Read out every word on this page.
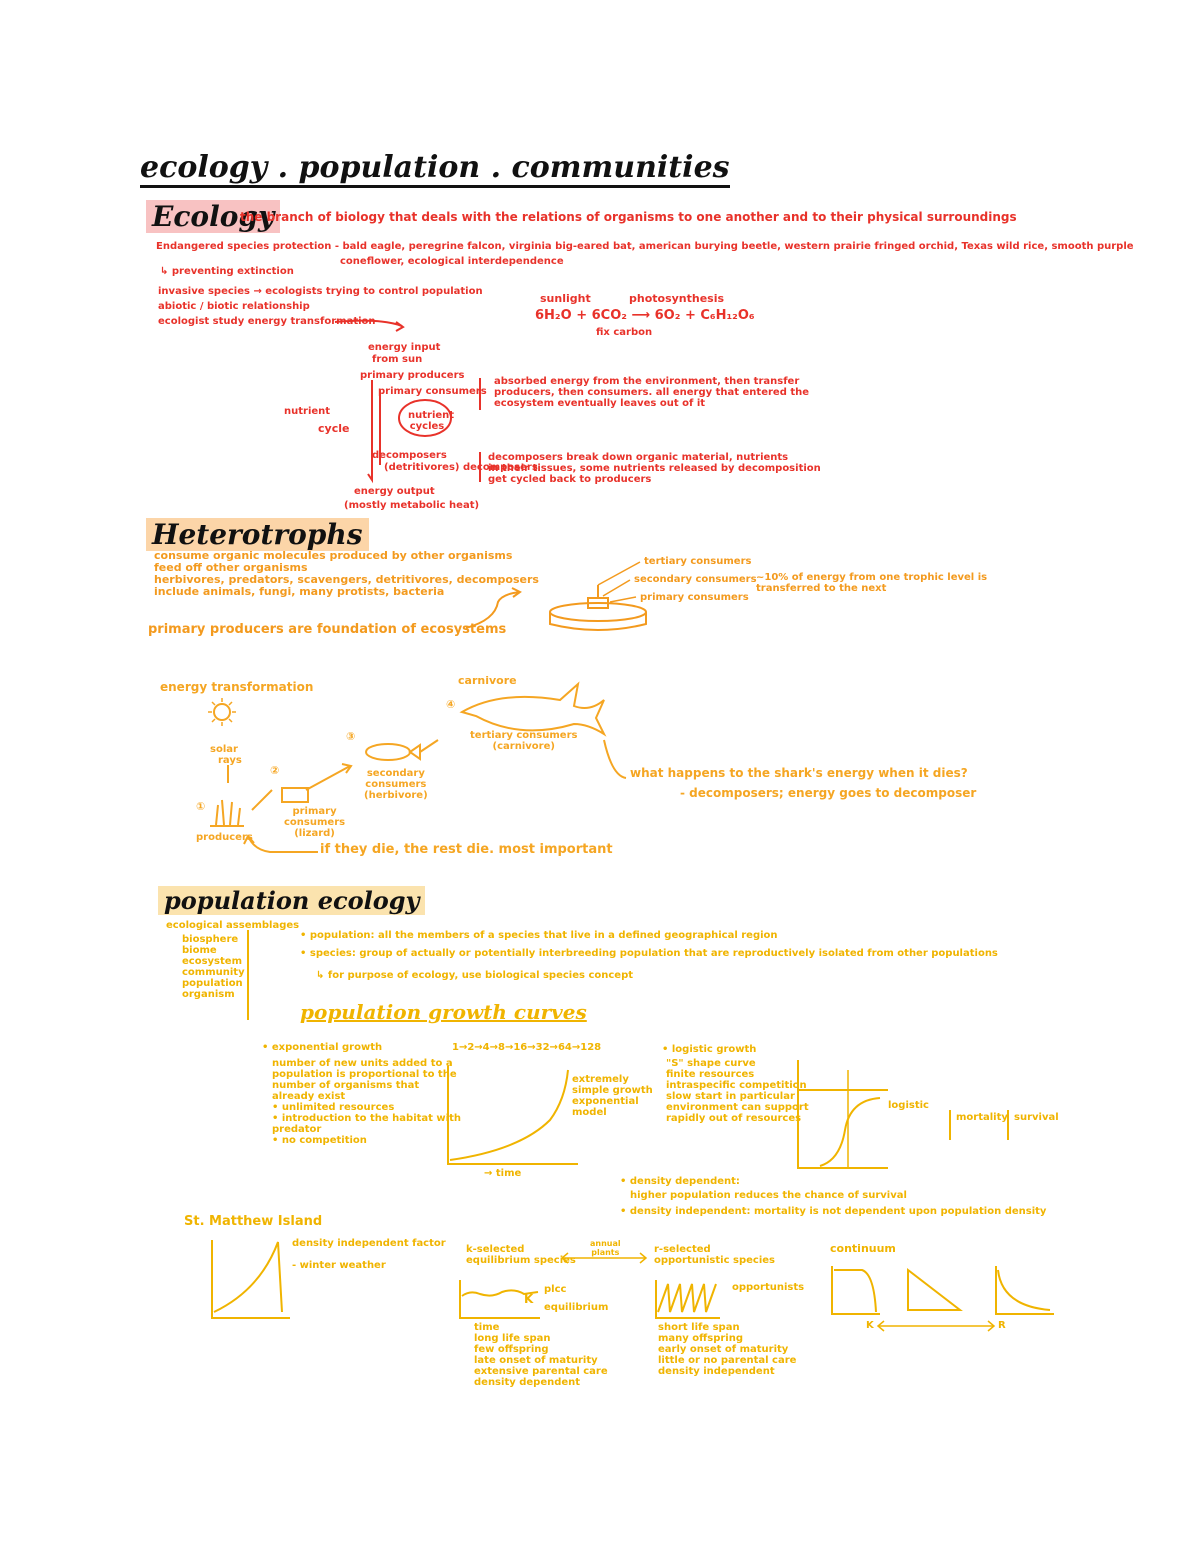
ecology . population . communities
Ecology
the branch of biology that deals with the relations of organisms to one another and to their physical surroundings
Endangered species protection - bald eagle, peregrine falcon, virginia big-eared bat, american burying beetle, western prairie fringed orchid, Texas wild rice, smooth purple
coneflower, ecological interdependence
↳ preventing extinction
invasive species → ecologists trying to control population
abiotic / biotic relationship
ecologist study energy transformation
sunlight          photosynthesis
6H₂O + 6CO₂ ⟶ 6O₂ + C₆H₁₂O₆
fix carbon
energy input
from sun
primary producers
primary consumers
nutrient
cycle
nutrient cycles
decomposers
(detritivores) decomposers
energy output
(mostly metabolic heat)
absorbed energy from the environment, then transfer
producers, then consumers. all energy that entered the
ecosystem eventually leaves out of it
decomposers break down organic material, nutrients
in their tissues, some nutrients released by decomposition
get cycled back to producers
Heterotrophs
consume organic molecules produced by other organisms
feed off other organisms
herbivores, predators, scavengers, detritivores, decomposers
include animals, fungi, many protists, bacteria
primary producers are foundation of ecosystems
tertiary consumers
secondary consumers
primary consumers
~10% of energy from one trophic level is
transferred to the next
energy transformation
solar
rays
①
producers
②
primary
consumers
(lizard)
③
secondary
consumers
(herbivore)
④
carnivore
tertiary consumers
(carnivore)
what happens to the shark's energy when it dies?
- decomposers; energy goes to decomposer
if they die, the rest die. most important
population ecology
ecological assemblages
biosphere
biome
ecosystem
community
population
organism
• population: all the members of a species that live in a defined geographical region
• species: group of actually or potentially interbreeding population that are reproductively isolated from other populations
↳ for purpose of ecology, use biological species concept
population growth curves
• exponential growth
number of new units added to a
population is proportional to the
number of organisms that
already exist
• unlimited resources
• introduction to the habitat with
predator
• no competition
1→2→4→8→16→32→64→128
→ time
extremely
simple growth
exponential
model
• logistic growth
"S" shape curve
finite resources
intraspecific competition
slow start in particular
environment can support
rapidly out of resources
logistic
mortality survival
• density dependent:
higher population reduces the chance of survival
• density independent: mortality is not dependent upon population density
St. Matthew Island
density independent factor
- winter weather
k-selected
equilibrium species
annual
plants	r-selected
opportunistic species
K
plcc
equilibrium
time
long life span
few offspring
late onset of maturity
extensive parental care
density dependent
opportunists
short life span
many offspring
early onset of maturity
little or no parental care
density independent
continuum
K	R
